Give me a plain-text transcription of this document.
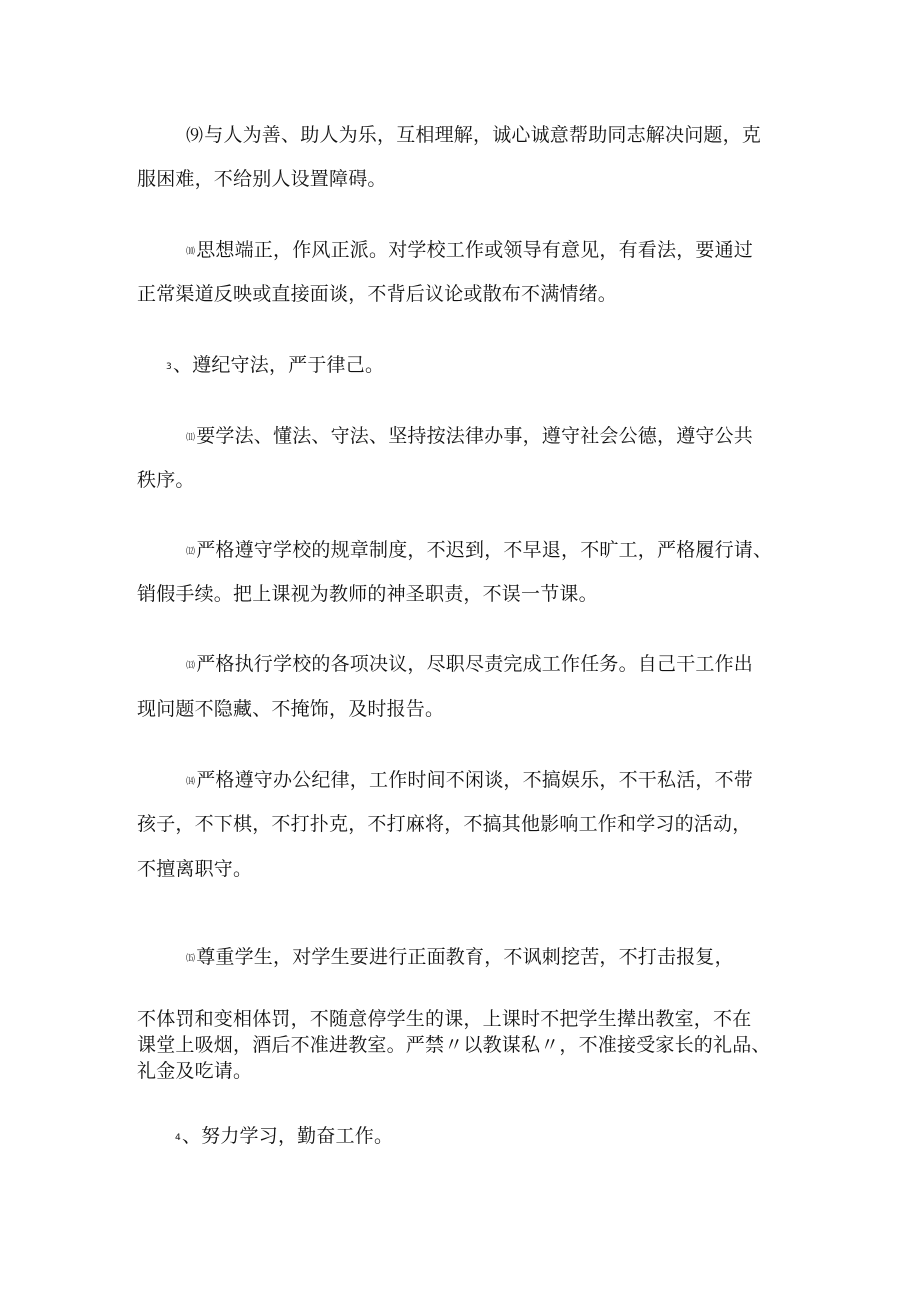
⑼与人为善、助人为乐，互相理解，诚心诚意帮助同志解决问题，克
服困难，不给别人设置障碍。
⑽思想端正，作风正派。对学校工作或领导有意见，有看法，要通过
正常渠道反映或直接面谈，不背后议论或散布不满情绪。
3、遵纪守法，严于律己。
⑾要学法、懂法、守法、坚持按法律办事，遵守社会公德，遵守公共
秩序。
⑿严格遵守学校的规章制度，不迟到，不早退，不旷工，严格履行请、
销假手续。把上课视为教师的神圣职责，不误一节课。
⒀严格执行学校的各项决议，尽职尽责完成工作任务。自己干工作出
现问题不隐藏、不掩饰，及时报告。
⒁严格遵守办公纪律，工作时间不闲谈，不搞娱乐，不干私活，不带
孩子，不下棋，不打扑克，不打麻将，不搞其他影响工作和学习的活动，
不擅离职守。
⒂尊重学生，对学生要进行正面教育，不讽刺挖苦，不打击报复，
不体罚和变相体罚，不随意停学生的课，上课时不把学生撵出教室，不在
课堂上吸烟，酒后不准进教室。严禁〃以教谋私〃，不准接受家长的礼品、
礼金及吃请。
4、努力学习，勤奋工作。
